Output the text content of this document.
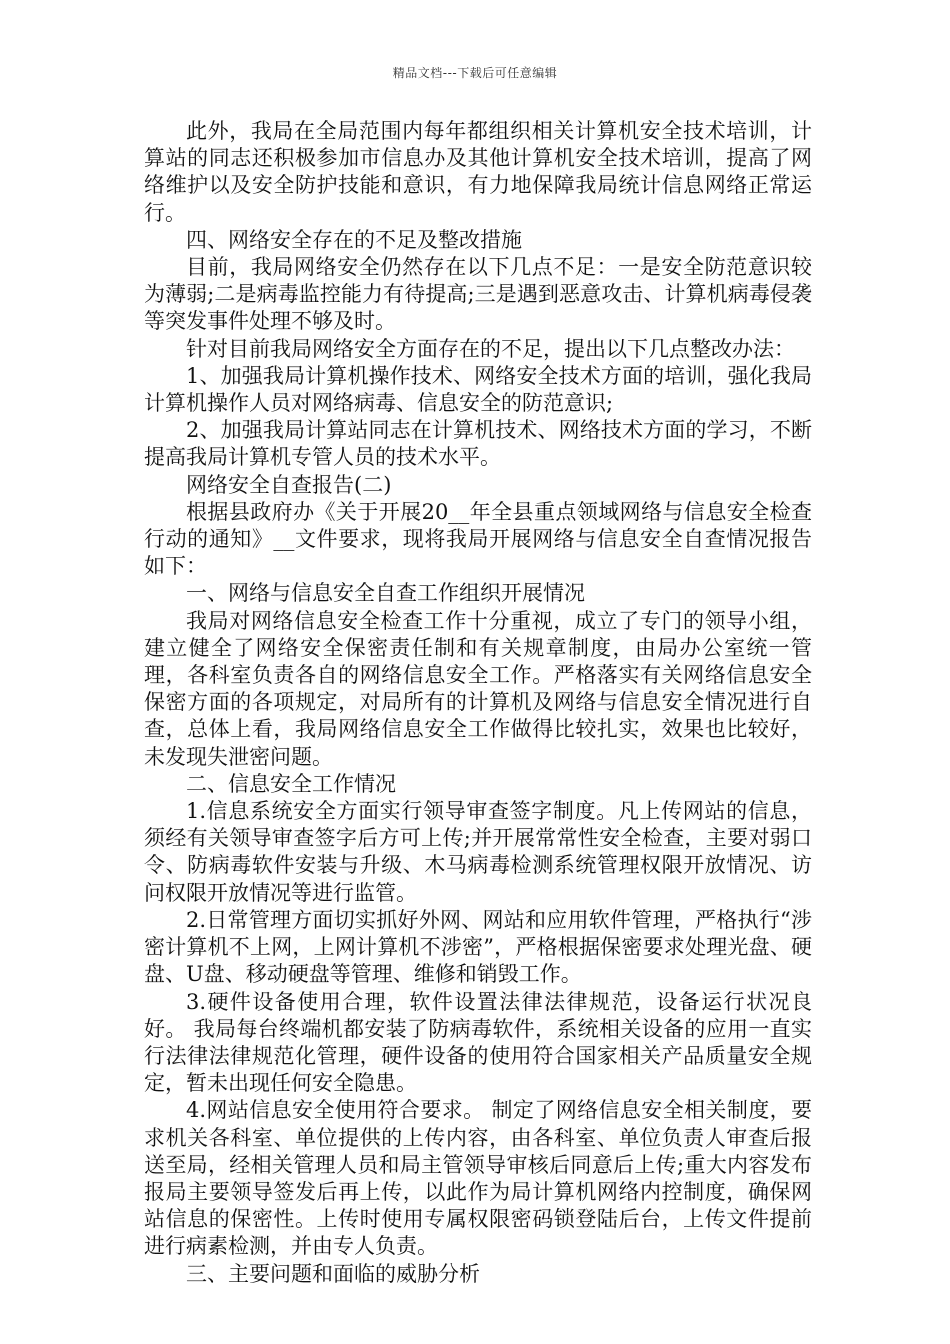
精品文档---下载后可任意编辑

此外，我局在全局范围内每年都组织相关计算机安全技术培训，计算站的同志还积极参加市信息办及其他计算机安全技术培训，提高了网络维护以及安全防护技能和意识，有力地保障我局统计信息网络正常运行。

四、网络安全存在的不足及整改措施

目前，我局网络安全仍然存在以下几点不足：一是安全防范意识较为薄弱;二是病毒监控能力有待提高;三是遇到恶意攻击、计算机病毒侵袭等突发事件处理不够及时。

针对目前我局网络安全方面存在的不足，提出以下几点整改办法：

1、加强我局计算机操作技术、网络安全技术方面的培训，强化我局计算机操作人员对网络病毒、信息安全的防范意识;

2、加强我局计算站同志在计算机技术、网络技术方面的学习，不断提高我局计算机专管人员的技术水平。

网络安全自查报告(二)

根据县政府办《关于开展20__年全县重点领域网络与信息安全检查行动的通知》__文件要求，现将我局开展网络与信息安全自查情况报告如下：

一、网络与信息安全自查工作组织开展情况

我局对网络信息安全检查工作十分重视，成立了专门的领导小组，建立健全了网络安全保密责任制和有关规章制度，由局办公室统一管理，各科室负责各自的网络信息安全工作。严格落实有关网络信息安全保密方面的各项规定，对局所有的计算机及网络与信息安全情况进行自查，总体上看，我局网络信息安全工作做得比较扎实，效果也比较好，未发现失泄密问题。

二、信息安全工作情况

1.信息系统安全方面实行领导审查签字制度。凡上传网站的信息，须经有关领导审查签字后方可上传;并开展常常性安全检查，主要对弱口令、防病毒软件安装与升级、木马病毒检测系统管理权限开放情况、访问权限开放情况等进行监管。

2.日常管理方面切实抓好外网、网站和应用软件管理，严格执行“涉密计算机不上网，上网计算机不涉密”，严格根据保密要求处理光盘、硬盘、U盘、移动硬盘等管理、维修和销毁工作。

3.硬件设备使用合理，软件设置法律法律规范，设备运行状况良好。 我局每台终端机都安装了防病毒软件，系统相关设备的应用一直实行法律法律规范化管理，硬件设备的使用符合国家相关产品质量安全规定，暂未出现任何安全隐患。

4.网站信息安全使用符合要求。 制定了网络信息安全相关制度，要求机关各科室、单位提供的上传内容，由各科室、单位负责人审查后报送至局，经相关管理人员和局主管领导审核后同意后上传;重大内容发布报局主要领导签发后再上传，以此作为局计算机网络内控制度，确保网站信息的保密性。上传时使用专属权限密码锁登陆后台，上传文件提前进行病素检测，并由专人负责。

三、主要问题和面临的威胁分析
